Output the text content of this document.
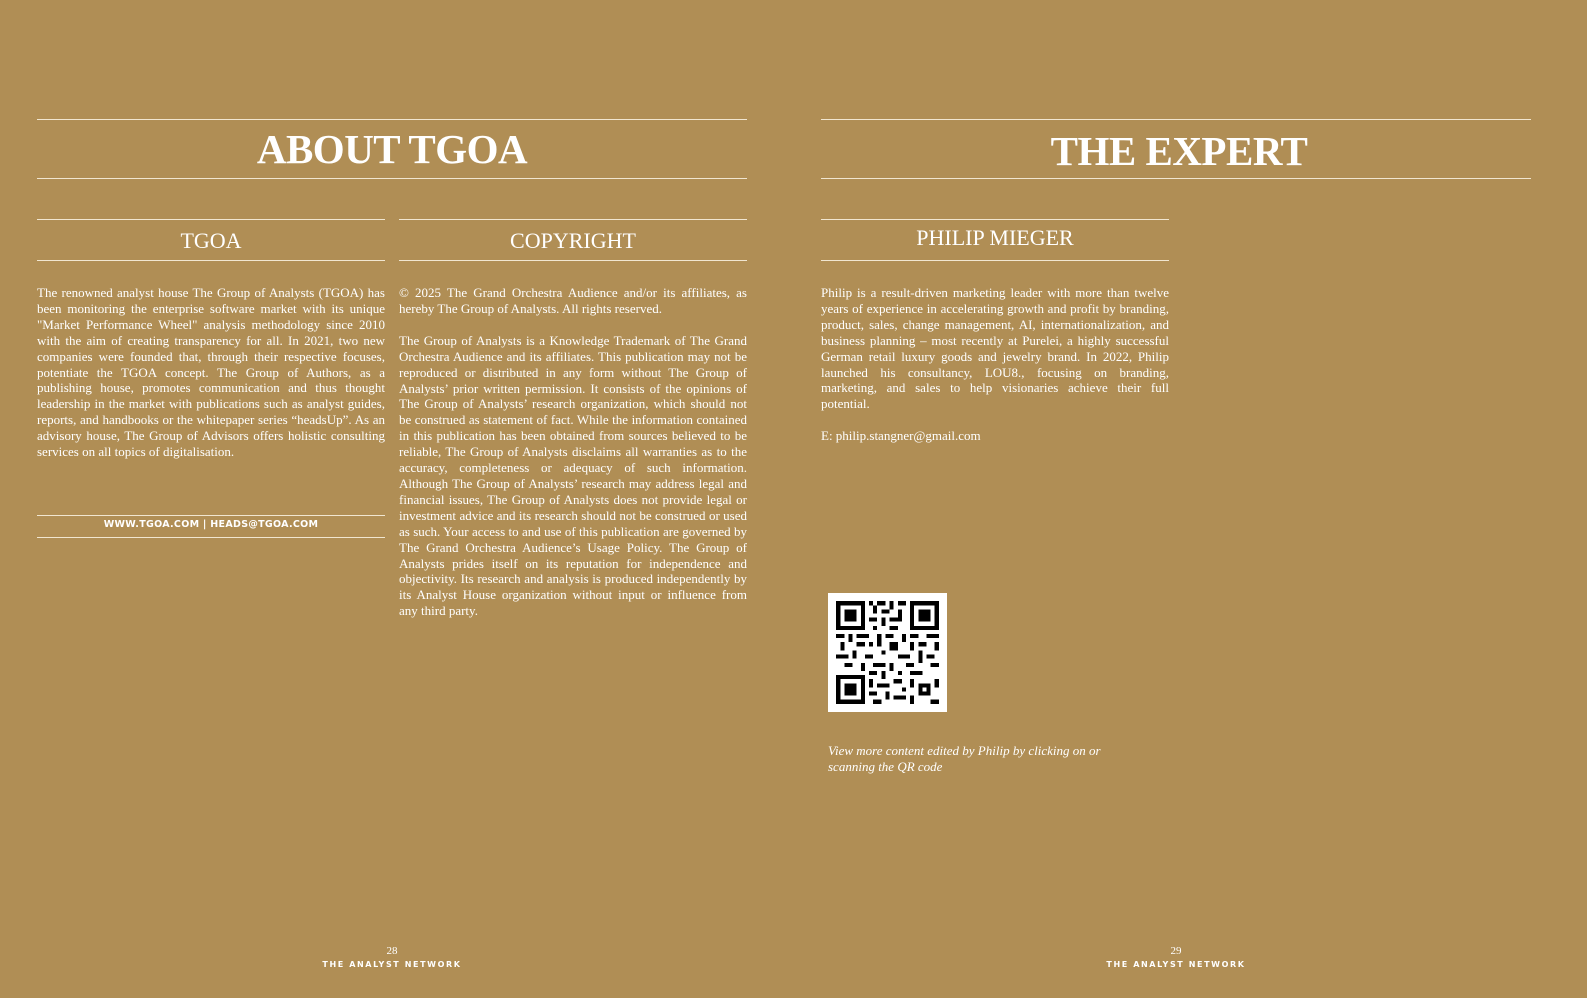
ABOUT TGOA
TGOA

The renowned analyst house The Group of Analysts (TGOA) has been monitoring the enterprise software market with its unique "Market Performance Wheel" analysis methodology since 2010 with the aim of creating transparency for all. In 2021, two new companies were founded that, through their respective focuses, potentiate the TGOA concept. The Group of Authors, as a publishing house, promotes communication and thus thought leadership in the market with publications such as analyst guides, reports, and handbooks or the whitepaper series “headsUp”. As an advisory house, The Group of Advisors offers holistic consulting services on all topics of digitalisation.

WWW.TGOA.COM | HEADS@TGOA.COM
COPYRIGHT

© 2025 The Grand Orchestra Audience and/or its affiliates, as hereby The Group of Analysts. All rights reserved.

The Group of Analysts is a Knowledge Trademark of The Grand Orchestra Audience and its affiliates. This publication may not be reproduced or distributed in any form without The Group of Analysts’ prior written permission. It consists of the opinions of The Group of Analysts’ research organization, which should not be construed as statement of fact. While the information contained in this publication has been obtained from sources believed to be reliable, The Group of Analysts disclaims all warranties as to the accuracy, completeness or adequacy of such information. Although The Group of Analysts’ research may address legal and financial issues, The Group of Analysts does not provide legal or investment advice and its research should not be construed or used as such. Your access to and use of this publication are governed by The Grand Orchestra Audience’s Usage Policy. The Group of Analysts prides itself on its reputation for independence and objectivity. Its research and analysis is produced independently by its Analyst House organization without input or influence from any third party.

28
THE ANALYST NETWORK
THE EXPERT
PHILIP MIEGER

Philip is a result-driven marketing leader with more than twelve years of experience in accelerating growth and profit by branding, product, sales, change management, AI, internationalization, and business planning – most recently at Purelei, a highly successful German retail luxury goods and jewelry brand. In 2022, Philip launched his consultancy, LOU8., focusing on branding, marketing, and sales to help visionaries achieve their full potential.

E: philip.stangner@gmail.com

View more content edited by Philip by clicking on or scanning the QR code
29
THE ANALYST NETWORK
